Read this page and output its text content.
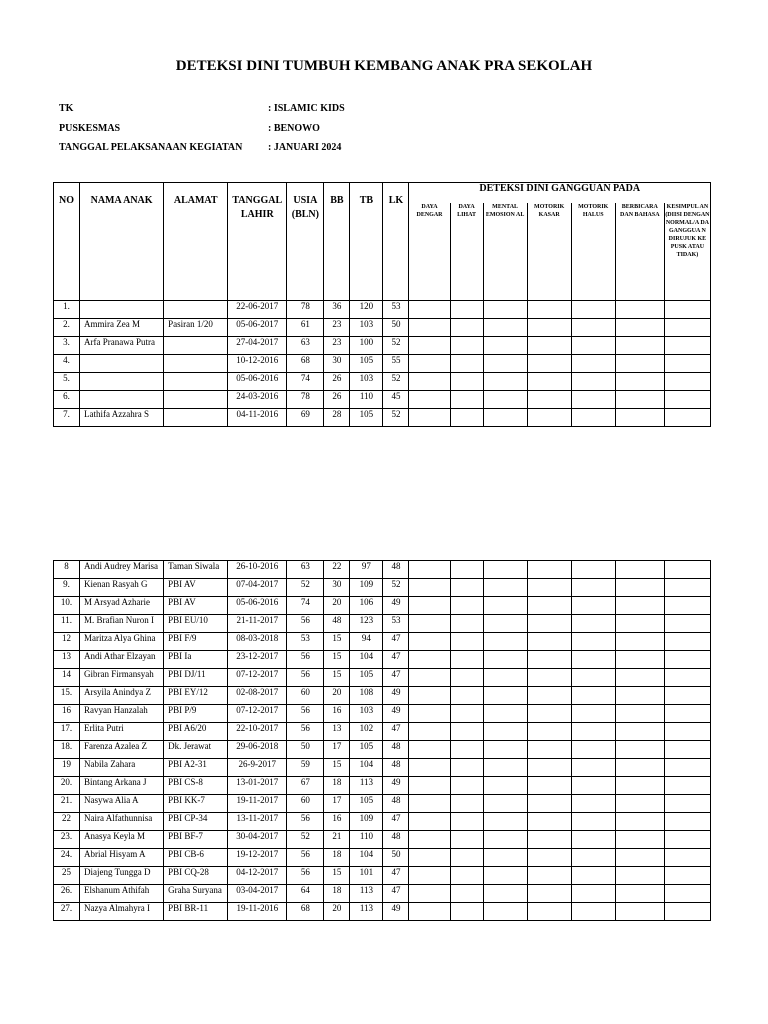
DETEKSI DINI TUMBUH KEMBANG ANAK PRA SEKOLAH
TK	: ISLAMIC KIDS
PUSKESMAS	: BENOWO
TANGGAL PELAKSANAAN KEGIATAN	: JANUARI 2024
NO	NAMA ANAK	ALAMAT	TANGGAL LAHIR	USIA (BLN)	BB	TB	LK	DETEKSI DINI GANGGUAN PADA						
								DAYA DENGAR	DAYA LIHAT	MENTAL EMOSION AL	MOTORIK KASAR	MOTORIK HALUS	BERBICARA DAN BAHASA	KESIMPUL AN (DIISI DENGAN NORMAL/A DA GANGGUA N DIRUJUK KE PUSK ATAU TIDAK)
1.			22-06-2017	78	36	120	53							
2.	Ammira Zea M	Pasiran 1/20	05-06-2017	61	23	103	50							
3.	Arfa Pranawa Putra		27-04-2017	63	23	100	52							
4.			10-12-2016	68	30	105	55							
5.			05-06-2016	74	26	103	52							
6.			24-03-2016	78	26	110	45							
7.	Lathifa Azzahra S		04-11-2016	69	28	105	52							
8	Andi Audrey Marisa	Taman Siwala	26-10-2016	63	22	97	48							
9.	Kienan Rasyah G	PBI AV	07-04-2017	52	30	109	52							
10.	M Arsyad Azharie	PBI AV	05-06-2016	74	20	106	49							
11.	M. Brafian Nuron I	PBI EU/10	21-11-2017	56	48	123	53							
12	Maritza Alya Ghina	PBI F/9	08-03-2018	53	15	94	47							
13	Andi Athar Elzayan	PBI Ia	23-12-2017	56	15	104	47							
14	Gibran Firmansyah	PBI DJ/11	07-12-2017	56	15	105	47							
15.	Arsyila Anindya Z	PBI EY/12	02-08-2017	60	20	108	49							
16	Ravyan Hanzalah	PBI P/9	07-12-2017	56	16	103	49							
17.	Erlita Putri	PBI A6/20	22-10-2017	56	13	102	47							
18.	Farenza Azalea Z	Dk. Jerawat	29-06-2018	50	17	105	48							
19	Nabila Zahara	PBI A2-31	26-9-2017	59	15	104	48							
20.	Bintang Arkana J	PBI CS-8	13-01-2017	67	18	113	49							
21.	Nasywa Alia A	PBI KK-7	19-11-2017	60	17	105	48							
22	Naira Alfathunnisa	PBI CP-34	13-11-2017	56	16	109	47							
23.	Anasya Keyla M	PBI BF-7	30-04-2017	52	21	110	48							
24.	Abrial Hisyam A	PBI CB-6	19-12-2017	56	18	104	50							
25	Diajeng Tungga D	PBI CQ-28	04-12-2017	56	15	101	47							
26.	Elshanum Athifah	Graha Suryana	03-04-2017	64	18	113	47							
27.	Nazya Almahyra I	PBI BR-11	19-11-2016	68	20	113	49							
